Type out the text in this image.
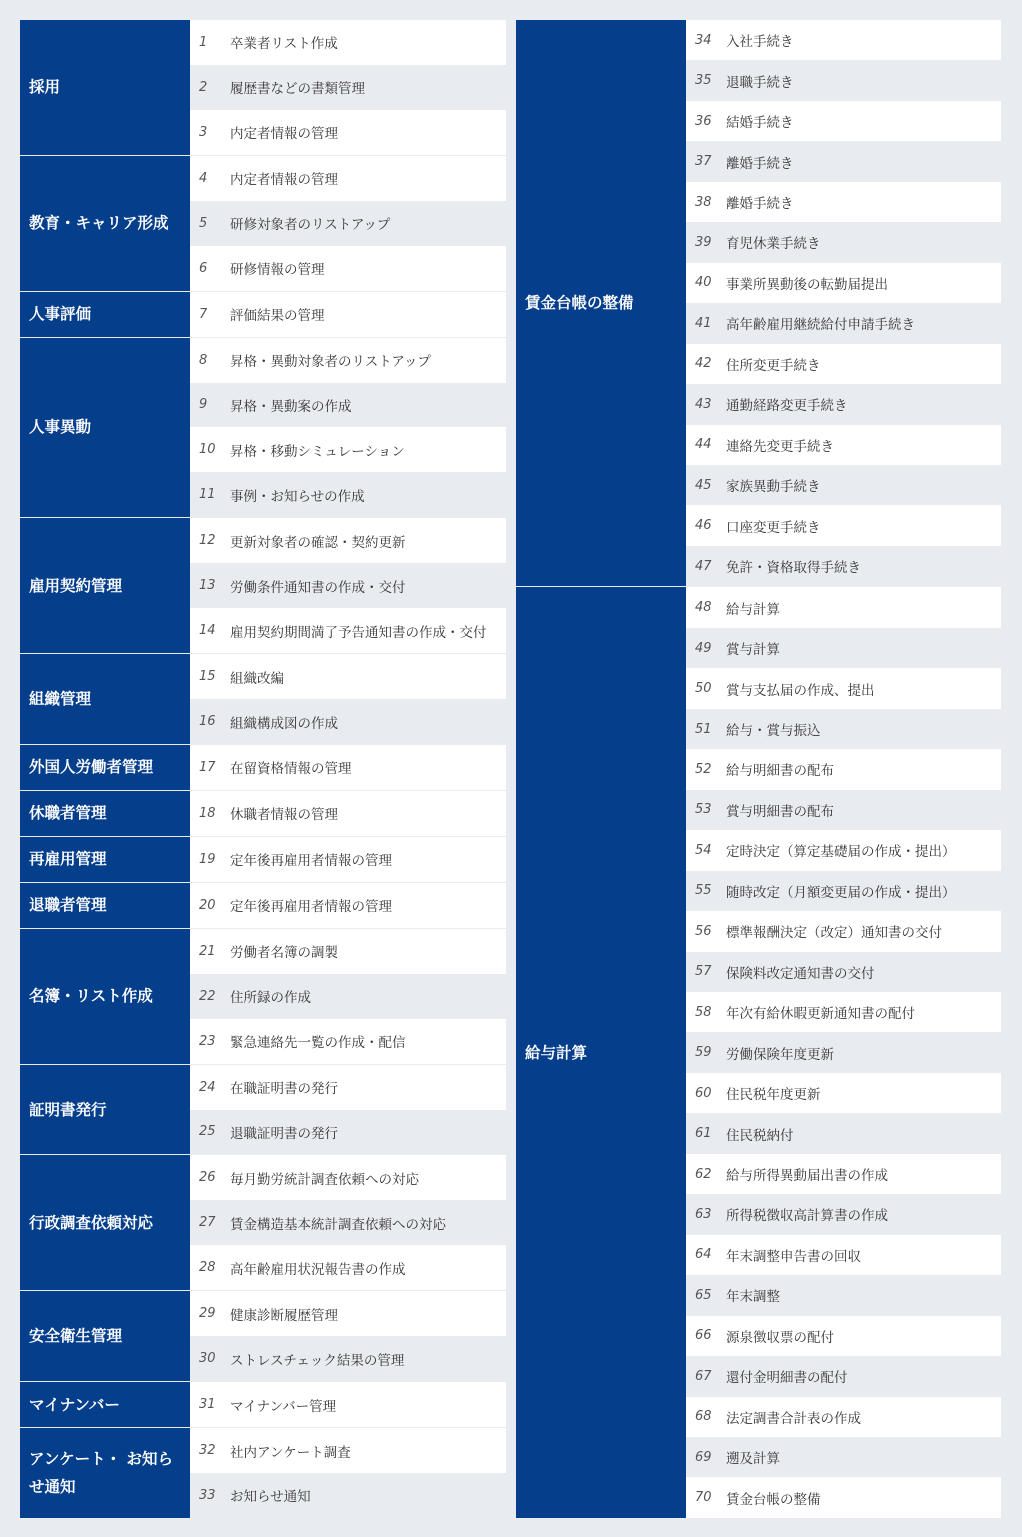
採用
1	卒業者リスト作成
2	履歴書などの書類管理
3	内定者情報の管理
教育・キャリア形成
4	内定者情報の管理
5	研修対象者のリストアップ
6	研修情報の管理
人事評価	7	評価結果の管理
人事異動
8	昇格・異動対象者のリストアップ
9	昇格・異動案の作成
10	昇格・移動シミュレーション
11	事例・お知らせの作成
雇用契約管理
12	更新対象者の確認・契約更新
13	労働条件通知書の作成・交付
14	雇用契約期間満了予告通知書の作成・交付
組織管理
15	組織改編
16	組織構成図の作成
外国人労働者管理	17	在留資格情報の管理
休職者管理	18	休職者情報の管理
再雇用管理	19	定年後再雇用者情報の管理
退職者管理	20	定年後再雇用者情報の管理
名簿・リスト作成
21	労働者名簿の調製
22	住所録の作成
23	緊急連絡先一覧の作成・配信
証明書発行
24	在職証明書の発行
25	退職証明書の発行
行政調査依頼対応
26	毎月勤労統計調査依頼への対応
27	賃金構造基本統計調査依頼への対応
28	高年齢雇用状況報告書の作成
安全衛生管理
29	健康診断履歴管理
30	ストレスチェック結果の管理
マイナンバー	31	マイナンバー管理
アンケート・ お知らせ通知
32	社内アンケート調査
33	お知らせ通知
賃金台帳の整備
34	入社手続き
35	退職手続き
36	結婚手続き
37	離婚手続き
38	離婚手続き
39	育児休業手続き
40	事業所異動後の転勤届提出
41	高年齢雇用継続給付申請手続き
42	住所変更手続き
43	通勤経路変更手続き
44	連絡先変更手続き
45	家族異動手続き
46	口座変更手続き
47	免許・資格取得手続き
給与計算
48	給与計算
49	賞与計算
50	賞与支払届の作成、提出
51	給与・賞与振込
52	給与明細書の配布
53	賞与明細書の配布
54	定時決定（算定基礎届の作成・提出）
55	随時改定（月額変更届の作成・提出）
56	標準報酬決定（改定）通知書の交付
57	保険料改定通知書の交付
58	年次有給休暇更新通知書の配付
59	労働保険年度更新
60	住民税年度更新
61	住民税納付
62	給与所得異動届出書の作成
63	所得税徴収高計算書の作成
64	年末調整申告書の回収
65	年末調整
66	源泉徴収票の配付
67	還付金明細書の配付
68	法定調書合計表の作成
69	遡及計算
70	賃金台帳の整備
